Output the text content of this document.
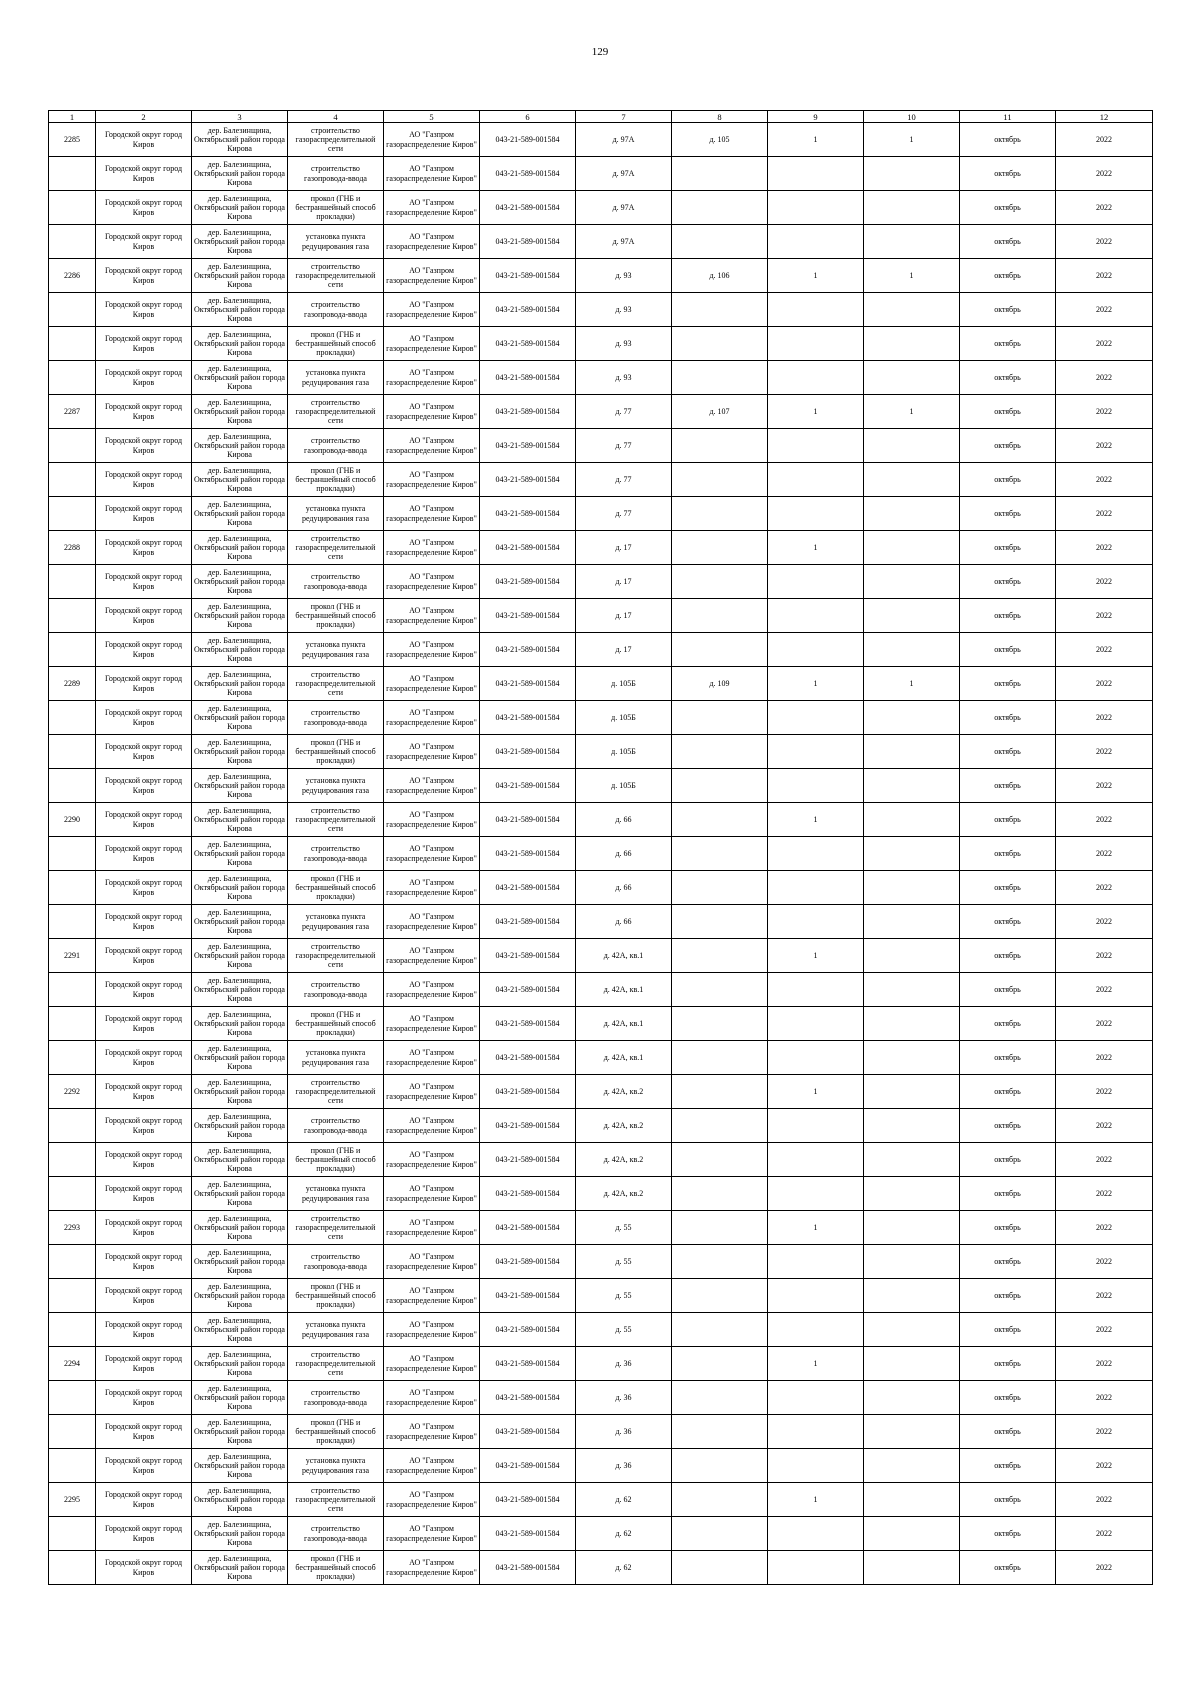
129
1	2	3	4	5	6	7	8	9	10	11	12

2285	Городской округ город Киров	дер. Балезинщина, Октябрьский район города Кирова	строительство газораспределительной сети	АО "Газпром газораспределение Киров"	043-21-589-001584	д. 97А	д. 105	1	1	октябрь	2022

	Городской округ город Киров	дер. Балезинщина, Октябрьский район города Кирова	строительство газопровода-ввода	АО "Газпром газораспределение Киров"	043-21-589-001584	д. 97А				октябрь	2022

	Городской округ город Киров	дер. Балезинщина, Октябрьский район города Кирова	прокол (ГНБ и бестраншейный способ прокладки)	АО "Газпром газораспределение Киров"	043-21-589-001584	д. 97А				октябрь	2022

	Городской округ город Киров	дер. Балезинщина, Октябрьский район города Кирова	установка пункта редуцирования газа	АО "Газпром газораспределение Киров"	043-21-589-001584	д. 97А				октябрь	2022

2286	Городской округ город Киров	дер. Балезинщина, Октябрьский район города Кирова	строительство газораспределительной сети	АО "Газпром газораспределение Киров"	043-21-589-001584	д. 93	д. 106	1	1	октябрь	2022

	Городской округ город Киров	дер. Балезинщина, Октябрьский район города Кирова	строительство газопровода-ввода	АО "Газпром газораспределение Киров"	043-21-589-001584	д. 93				октябрь	2022

	Городской округ город Киров	дер. Балезинщина, Октябрьский район города Кирова	прокол (ГНБ и бестраншейный способ прокладки)	АО "Газпром газораспределение Киров"	043-21-589-001584	д. 93				октябрь	2022

	Городской округ город Киров	дер. Балезинщина, Октябрьский район города Кирова	установка пункта редуцирования газа	АО "Газпром газораспределение Киров"	043-21-589-001584	д. 93				октябрь	2022

2287	Городской округ город Киров	дер. Балезинщина, Октябрьский район города Кирова	строительство газораспределительной сети	АО "Газпром газораспределение Киров"	043-21-589-001584	д. 77	д. 107	1	1	октябрь	2022

	Городской округ город Киров	дер. Балезинщина, Октябрьский район города Кирова	строительство газопровода-ввода	АО "Газпром газораспределение Киров"	043-21-589-001584	д. 77				октябрь	2022

	Городской округ город Киров	дер. Балезинщина, Октябрьский район города Кирова	прокол (ГНБ и бестраншейный способ прокладки)	АО "Газпром газораспределение Киров"	043-21-589-001584	д. 77				октябрь	2022

	Городской округ город Киров	дер. Балезинщина, Октябрьский район города Кирова	установка пункта редуцирования газа	АО "Газпром газораспределение Киров"	043-21-589-001584	д. 77				октябрь	2022

2288	Городской округ город Киров	дер. Балезинщина, Октябрьский район города Кирова	строительство газораспределительной сети	АО "Газпром газораспределение Киров"	043-21-589-001584	д. 17		1		октябрь	2022

	Городской округ город Киров	дер. Балезинщина, Октябрьский район города Кирова	строительство газопровода-ввода	АО "Газпром газораспределение Киров"	043-21-589-001584	д. 17				октябрь	2022

	Городской округ город Киров	дер. Балезинщина, Октябрьский район города Кирова	прокол (ГНБ и бестраншейный способ прокладки)	АО "Газпром газораспределение Киров"	043-21-589-001584	д. 17				октябрь	2022

	Городской округ город Киров	дер. Балезинщина, Октябрьский район города Кирова	установка пункта редуцирования газа	АО "Газпром газораспределение Киров"	043-21-589-001584	д. 17				октябрь	2022

2289	Городской округ город Киров	дер. Балезинщина, Октябрьский район города Кирова	строительство газораспределительной сети	АО "Газпром газораспределение Киров"	043-21-589-001584	д. 105Б	д. 109	1	1	октябрь	2022

	Городской округ город Киров	дер. Балезинщина, Октябрьский район города Кирова	строительство газопровода-ввода	АО "Газпром газораспределение Киров"	043-21-589-001584	д. 105Б				октябрь	2022

	Городской округ город Киров	дер. Балезинщина, Октябрьский район города Кирова	прокол (ГНБ и бестраншейный способ прокладки)	АО "Газпром газораспределение Киров"	043-21-589-001584	д. 105Б				октябрь	2022

	Городской округ город Киров	дер. Балезинщина, Октябрьский район города Кирова	установка пункта редуцирования газа	АО "Газпром газораспределение Киров"	043-21-589-001584	д. 105Б				октябрь	2022

2290	Городской округ город Киров	дер. Балезинщина, Октябрьский район города Кирова	строительство газораспределительной сети	АО "Газпром газораспределение Киров"	043-21-589-001584	д. 66		1		октябрь	2022

	Городской округ город Киров	дер. Балезинщина, Октябрьский район города Кирова	строительство газопровода-ввода	АО "Газпром газораспределение Киров"	043-21-589-001584	д. 66				октябрь	2022

	Городской округ город Киров	дер. Балезинщина, Октябрьский район города Кирова	прокол (ГНБ и бестраншейный способ прокладки)	АО "Газпром газораспределение Киров"	043-21-589-001584	д. 66				октябрь	2022

	Городской округ город Киров	дер. Балезинщина, Октябрьский район города Кирова	установка пункта редуцирования газа	АО "Газпром газораспределение Киров"	043-21-589-001584	д. 66				октябрь	2022

2291	Городской округ город Киров	дер. Балезинщина, Октябрьский район города Кирова	строительство газораспределительной сети	АО "Газпром газораспределение Киров"	043-21-589-001584	д. 42А, кв.1		1		октябрь	2022

	Городской округ город Киров	дер. Балезинщина, Октябрьский район города Кирова	строительство газопровода-ввода	АО "Газпром газораспределение Киров"	043-21-589-001584	д. 42А, кв.1				октябрь	2022

	Городской округ город Киров	дер. Балезинщина, Октябрьский район города Кирова	прокол (ГНБ и бестраншейный способ прокладки)	АО "Газпром газораспределение Киров"	043-21-589-001584	д. 42А, кв.1				октябрь	2022

	Городской округ город Киров	дер. Балезинщина, Октябрьский район города Кирова	установка пункта редуцирования газа	АО "Газпром газораспределение Киров"	043-21-589-001584	д. 42А, кв.1				октябрь	2022

2292	Городской округ город Киров	дер. Балезинщина, Октябрьский район города Кирова	строительство газораспределительной сети	АО "Газпром газораспределение Киров"	043-21-589-001584	д. 42А, кв.2		1		октябрь	2022

	Городской округ город Киров	дер. Балезинщина, Октябрьский район города Кирова	строительство газопровода-ввода	АО "Газпром газораспределение Киров"	043-21-589-001584	д. 42А, кв.2				октябрь	2022

	Городской округ город Киров	дер. Балезинщина, Октябрьский район города Кирова	прокол (ГНБ и бестраншейный способ прокладки)	АО "Газпром газораспределение Киров"	043-21-589-001584	д. 42А, кв.2				октябрь	2022

	Городской округ город Киров	дер. Балезинщина, Октябрьский район города Кирова	установка пункта редуцирования газа	АО "Газпром газораспределение Киров"	043-21-589-001584	д. 42А, кв.2				октябрь	2022

2293	Городской округ город Киров	дер. Балезинщина, Октябрьский район города Кирова	строительство газораспределительной сети	АО "Газпром газораспределение Киров"	043-21-589-001584	д. 55		1		октябрь	2022

	Городской округ город Киров	дер. Балезинщина, Октябрьский район города Кирова	строительство газопровода-ввода	АО "Газпром газораспределение Киров"	043-21-589-001584	д. 55				октябрь	2022

	Городской округ город Киров	дер. Балезинщина, Октябрьский район города Кирова	прокол (ГНБ и бестраншейный способ прокладки)	АО "Газпром газораспределение Киров"	043-21-589-001584	д. 55				октябрь	2022

	Городской округ город Киров	дер. Балезинщина, Октябрьский район города Кирова	установка пункта редуцирования газа	АО "Газпром газораспределение Киров"	043-21-589-001584	д. 55				октябрь	2022

2294	Городской округ город Киров	дер. Балезинщина, Октябрьский район города Кирова	строительство газораспределительной сети	АО "Газпром газораспределение Киров"	043-21-589-001584	д. 36		1		октябрь	2022

	Городской округ город Киров	дер. Балезинщина, Октябрьский район города Кирова	строительство газопровода-ввода	АО "Газпром газораспределение Киров"	043-21-589-001584	д. 36				октябрь	2022

	Городской округ город Киров	дер. Балезинщина, Октябрьский район города Кирова	прокол (ГНБ и бестраншейный способ прокладки)	АО "Газпром газораспределение Киров"	043-21-589-001584	д. 36				октябрь	2022

	Городской округ город Киров	дер. Балезинщина, Октябрьский район города Кирова	установка пункта редуцирования газа	АО "Газпром газораспределение Киров"	043-21-589-001584	д. 36				октябрь	2022

2295	Городской округ город Киров	дер. Балезинщина, Октябрьский район города Кирова	строительство газораспределительной сети	АО "Газпром газораспределение Киров"	043-21-589-001584	д. 62		1		октябрь	2022

	Городской округ город Киров	дер. Балезинщина, Октябрьский район города Кирова	строительство газопровода-ввода	АО "Газпром газораспределение Киров"	043-21-589-001584	д. 62				октябрь	2022

	Городской округ город Киров	дер. Балезинщина, Октябрьский район города Кирова	прокол (ГНБ и бестраншейный способ прокладки)	АО "Газпром газораспределение Киров"	043-21-589-001584	д. 62				октябрь	2022
